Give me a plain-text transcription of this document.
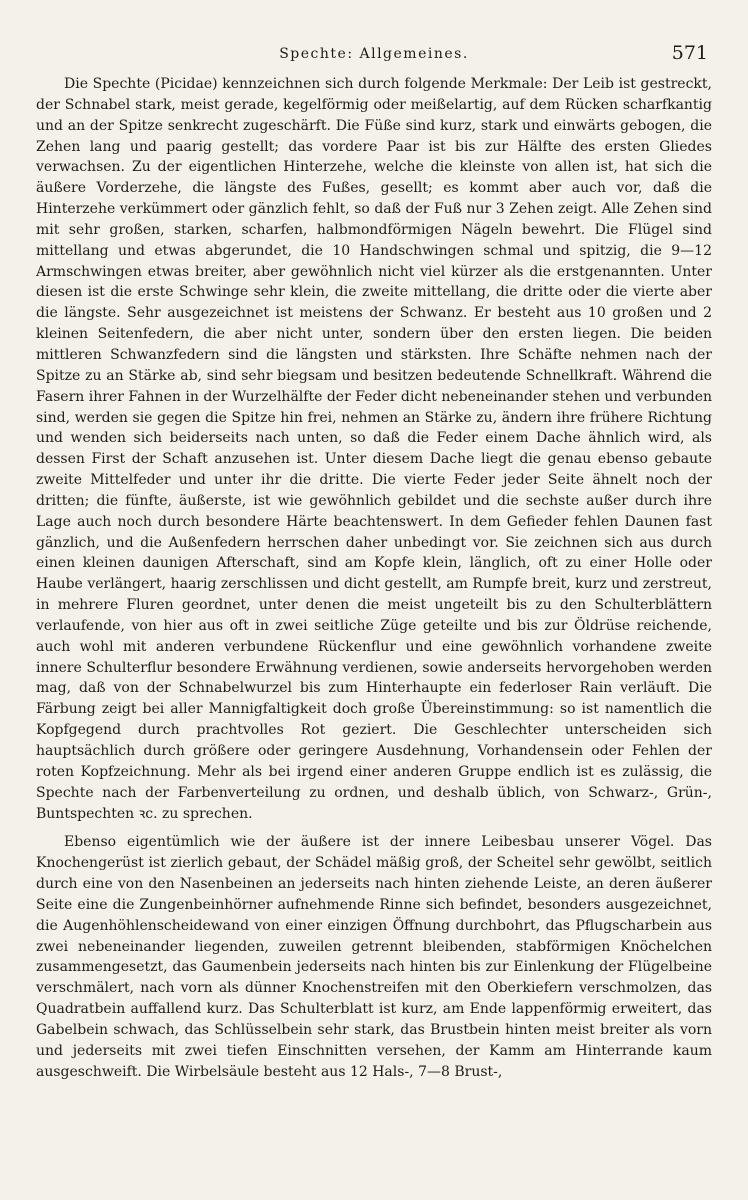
Spechte: Allgemeines.	571

Die Spechte (Picidae) kennzeichnen sich durch folgende Merkmale: Der Leib ist gestreckt, der Schnabel stark, meist gerade, kegelförmig oder meißelartig, auf dem Rücken scharfkantig und an der Spitze senkrecht zugeschärft. Die Füße sind kurz, stark und einwärts gebogen, die Zehen lang und paarig gestellt; das vordere Paar ist bis zur Hälfte des ersten Gliedes verwachsen. Zu der eigentlichen Hinterzehe, welche die kleinste von allen ist, hat sich die äußere Vorderzehe, die längste des Fußes, gesellt; es kommt aber auch vor, daß die Hinterzehe verkümmert oder gänzlich fehlt, so daß der Fuß nur 3 Zehen zeigt. Alle Zehen sind mit sehr großen, starken, scharfen, halbmondförmigen Nägeln bewehrt. Die Flügel sind mittellang und etwas abgerundet, die 10 Handschwingen schmal und spitzig, die 9—12 Armschwingen etwas breiter, aber gewöhnlich nicht viel kürzer als die erstgenannten. Unter diesen ist die erste Schwinge sehr klein, die zweite mittellang, die dritte oder die vierte aber die längste. Sehr ausgezeichnet ist meistens der Schwanz. Er besteht aus 10 großen und 2 kleinen Seitenfedern, die aber nicht unter, sondern über den ersten liegen. Die beiden mittleren Schwanzfedern sind die längsten und stärksten. Ihre Schäfte nehmen nach der Spitze zu an Stärke ab, sind sehr biegsam und besitzen bedeutende Schnellkraft. Während die Fasern ihrer Fahnen in der Wurzelhälfte der Feder dicht nebeneinander stehen und verbunden sind, werden sie gegen die Spitze hin frei, nehmen an Stärke zu, ändern ihre frühere Richtung und wenden sich beiderseits nach unten, so daß die Feder einem Dache ähnlich wird, als dessen First der Schaft anzusehen ist. Unter diesem Dache liegt die genau ebenso gebaute zweite Mittelfeder und unter ihr die dritte. Die vierte Feder jeder Seite ähnelt noch der dritten; die fünfte, äußerste, ist wie gewöhnlich gebildet und die sechste außer durch ihre Lage auch noch durch besondere Härte beachtenswert. In dem Gefieder fehlen Daunen fast gänzlich, und die Außenfedern herrschen daher unbedingt vor. Sie zeichnen sich aus durch einen kleinen daunigen Afterschaft, sind am Kopfe klein, länglich, oft zu einer Holle oder Haube verlängert, haarig zerschlissen und dicht gestellt, am Rumpfe breit, kurz und zerstreut, in mehrere Fluren geordnet, unter denen die meist ungeteilt bis zu den Schulterblättern verlaufende, von hier aus oft in zwei seitliche Züge geteilte und bis zur Öldrüse reichende, auch wohl mit anderen verbundene Rückenflur und eine gewöhnlich vorhandene zweite innere Schulterflur besondere Erwähnung verdienen, sowie anderseits hervorgehoben werden mag, daß von der Schnabelwurzel bis zum Hinterhaupte ein federloser Rain verläuft. Die Färbung zeigt bei aller Mannigfaltigkeit doch große Übereinstimmung: so ist namentlich die Kopfgegend durch prachtvolles Rot geziert. Die Geschlechter unterscheiden sich hauptsächlich durch größere oder geringere Ausdehnung, Vorhandensein oder Fehlen der roten Kopfzeichnung. Mehr als bei irgend einer anderen Gruppe endlich ist es zulässig, die Spechte nach der Farbenverteilung zu ordnen, und deshalb üblich, von Schwarz-, Grün-, Buntspechten ꝛc. zu sprechen.

Ebenso eigentümlich wie der äußere ist der innere Leibesbau unserer Vögel. Das Knochengerüst ist zierlich gebaut, der Schädel mäßig groß, der Scheitel sehr gewölbt, seitlich durch eine von den Nasenbeinen an jederseits nach hinten ziehende Leiste, an deren äußerer Seite eine die Zungenbeinhörner aufnehmende Rinne sich befindet, besonders ausgezeichnet, die Augenhöhlenscheidewand von einer einzigen Öffnung durchbohrt, das Pflugscharbein aus zwei nebeneinander liegenden, zuweilen getrennt bleibenden, stabförmigen Knöchelchen zusammengesetzt, das Gaumenbein jederseits nach hinten bis zur Einlenkung der Flügelbeine verschmälert, nach vorn als dünner Knochenstreifen mit den Oberkiefern verschmolzen, das Quadratbein auffallend kurz. Das Schulterblatt ist kurz, am Ende lappenförmig erweitert, das Gabelbein schwach, das Schlüsselbein sehr stark, das Brustbein hinten meist breiter als vorn und jederseits mit zwei tiefen Einschnitten versehen, der Kamm am Hinterrande kaum ausgeschweift. Die Wirbelsäule besteht aus 12 Hals-, 7—8 Brust-,
